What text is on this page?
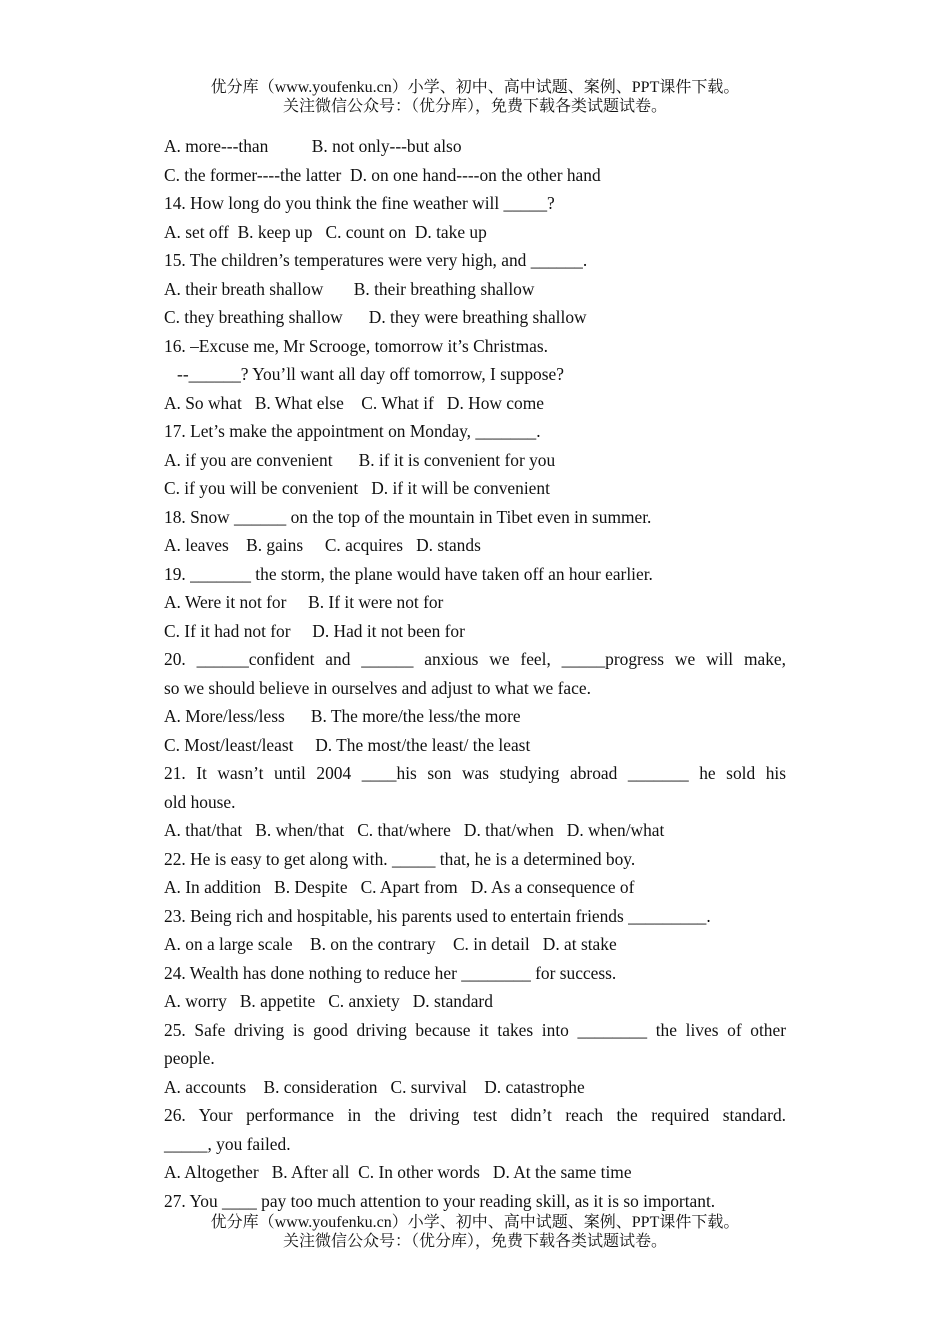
优分库（www.youfenku.cn）小学、初中、高中试题、案例、PPT课件下载。
关注微信公众号：（优分库），免费下载各类试题试卷。
A. more---than          B. not only---but also
C. the former----the latter  D. on one hand----on the other hand
14. How long do you think the fine weather will _____?
A. set off  B. keep up   C. count on  D. take up
15. The children’s temperatures were very high, and ______.
A. their breath shallow       B. their breathing shallow
C. they breathing shallow      D. they were breathing shallow
16. –Excuse me, Mr Scrooge, tomorrow it’s Christmas.
--______? You’ll want all day off tomorrow, I suppose?
A. So what   B. What else    C. What if   D. How come
17. Let’s make the appointment on Monday, _______.
A. if you are convenient      B. if it is convenient for you
C. if you will be convenient   D. if it will be convenient
18. Snow ______ on the top of the mountain in Tibet even in summer.
A. leaves    B. gains     C. acquires   D. stands
19. _______ the storm, the plane would have taken off an hour earlier.
A. Were it not for     B. If it were not for
C. If it had not for     D. Had it not been for
20. ______confident and ______ anxious we feel, _____progress we will make,
so we should believe in ourselves and adjust to what we face.
A. More/less/less      B. The more/the less/the more
C. Most/least/least     D. The most/the least/ the least
21. It wasn’t until 2004 ____his son was studying abroad _______ he sold his
old house.
A. that/that   B. when/that   C. that/where   D. that/when   D. when/what
22. He is easy to get along with. _____ that, he is a determined boy.
A. In addition   B. Despite   C. Apart from   D. As a consequence of
23. Being rich and hospitable, his parents used to entertain friends _________.
A. on a large scale    B. on the contrary    C. in detail   D. at stake
24. Wealth has done nothing to reduce her ________ for success.
A. worry   B. appetite   C. anxiety   D. standard
25. Safe driving is good driving because it takes into ________ the lives of other
people.
A. accounts    B. consideration   C. survival    D. catastrophe
26. Your performance in the driving test didn’t reach the required standard.
_____, you failed.
A. Altogether   B. After all  C. In other words   D. At the same time
27. You ____ pay too much attention to your reading skill, as it is so important.
优分库（www.youfenku.cn）小学、初中、高中试题、案例、PPT课件下载。
关注微信公众号：（优分库），免费下载各类试题试卷。
